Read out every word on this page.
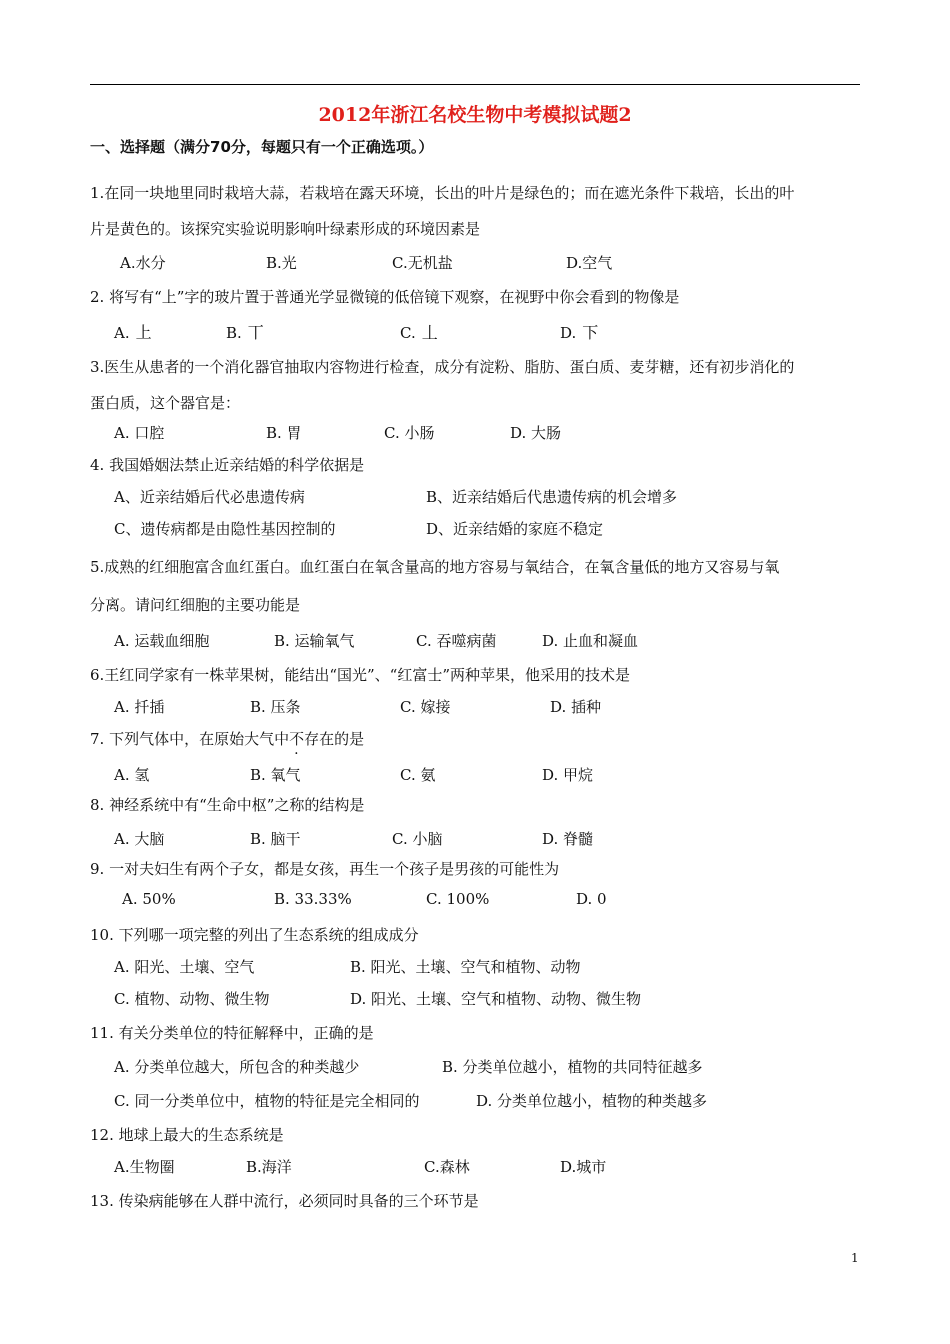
2012年浙江名校生物中考模拟试题2
一、选择题（满分70分，每题只有一个正确选项。）
1.在同一块地里同时栽培大蒜，若栽培在露天环境，长出的叶片是绿色的；而在遮光条件下栽培，长出的叶
片是黄色的。该探究实验说明影响叶绿素形成的环境因素是
A.水分	B.光	C.无机盐	D.空气
2. 将写有“上”字的玻片置于普通光学显微镜的低倍镜下观察，在视野中你会看到的物像是
A. 上	B. 丅	C. 丄	D. 下
3.医生从患者的一个消化器官抽取内容物进行检查，成分有淀粉、脂肪、蛋白质、麦芽糖，还有初步消化的
蛋白质，这个器官是：
A. 口腔	B. 胃	C. 小肠	D. 大肠
4. 我国婚姻法禁止近亲结婚的科学依据是
A、近亲结婚后代必患遗传病	B、近亲结婚后代患遗传病的机会增多
C、遗传病都是由隐性基因控制的	D、近亲结婚的家庭不稳定
5.成熟的红细胞富含血红蛋白。血红蛋白在氧含量高的地方容易与氧结合，在氧含量低的地方又容易与氧
分离。请问红细胞的主要功能是
A. 运载血细胞	B. 运输氧气	C. 吞噬病菌	D. 止血和凝血
6.王红同学家有一株苹果树，能结出“国光”、“红富士”两种苹果，他采用的技术是
A. 扦插	B. 压条	C. 嫁接	D. 插种
7. 下列气体中，在原始大气中不存在的是
A. 氢	B. 氧气	C. 氨	D. 甲烷
8. 神经系统中有“生命中枢”之称的结构是
A. 大脑	B. 脑干	C. 小脑	D. 脊髓
9. 一对夫妇生有两个子女，都是女孩，再生一个孩子是男孩的可能性为
A. 50%	B. 33.33%	C. 100%	D. 0
10. 下列哪一项完整的列出了生态系统的组成成分
A. 阳光、土壤、空气	B. 阳光、土壤、空气和植物、动物
C. 植物、动物、微生物	D. 阳光、土壤、空气和植物、动物、微生物
11. 有关分类单位的特征解释中，正确的是
A. 分类单位越大，所包含的种类越少	B. 分类单位越小，植物的共同特征越多
C. 同一分类单位中，植物的特征是完全相同的	D. 分类单位越小，植物的种类越多
12. 地球上最大的生态系统是
A.生物圈	B.海洋	C.森林	D.城市
13. 传染病能够在人群中流行，必须同时具备的三个环节是
1
